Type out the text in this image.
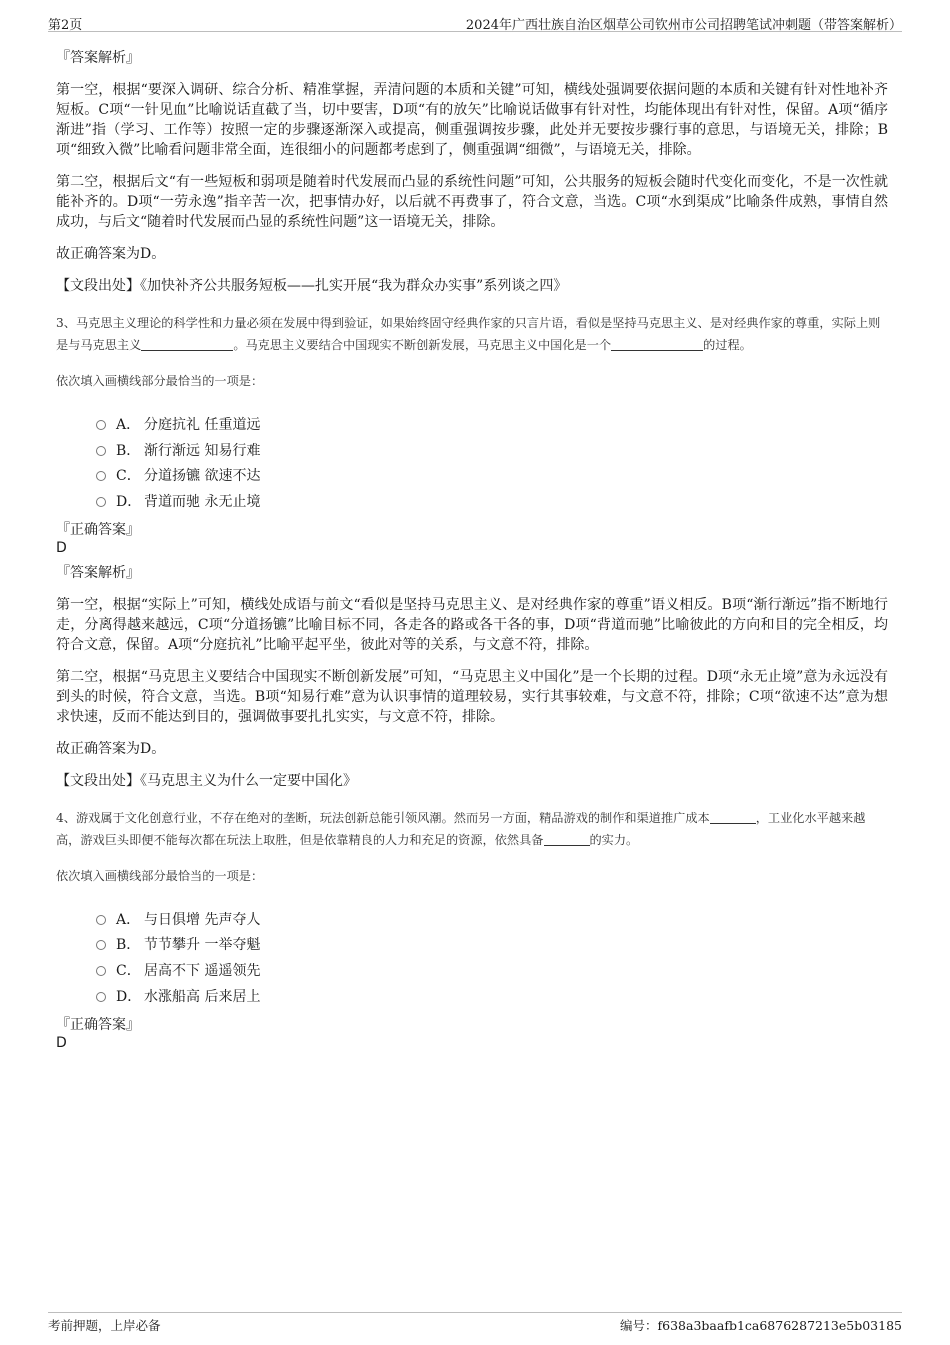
第2页	2024年广西壮族自治区烟草公司钦州市公司招聘笔试冲刺题（带答案解析）
『答案解析』

第一空，根据“要深入调研、综合分析、精准掌握，弄清问题的本质和关键”可知，横线处强调要依据问题的本质和关键有针对性地补齐短板。C项“一针见血”比喻说话直截了当，切中要害，D项“有的放矢”比喻说话做事有针对性，均能体现出有针对性，保留。A项“循序渐进”指（学习、工作等）按照一定的步骤逐渐深入或提高，侧重强调按步骤，此处并无要按步骤行事的意思，与语境无关，排除；B项“细致入微”比喻看问题非常全面，连很细小的问题都考虑到了，侧重强调“细微”，与语境无关，排除。

第二空，根据后文“有一些短板和弱项是随着时代发展而凸显的系统性问题”可知，公共服务的短板会随时代变化而变化，不是一次性就能补齐的。D项“一劳永逸”指辛苦一次，把事情办好，以后就不再费事了，符合文意，当选。C项“水到渠成”比喻条件成熟，事情自然成功，与后文“随着时代发展而凸显的系统性问题”这一语境无关，排除。

故正确答案为D。

【文段出处】《加快补齐公共服务短板——扎实开展“我为群众办实事”系列谈之四》

3、马克思主义理论的科学性和力量必须在发展中得到验证，如果始终固守经典作家的只言片语，看似是坚持马克思主义、是对经典作家的尊重，实际上则是与马克思主义	。马克思主义要结合中国现实不断创新发展，马克思主义中国化是一个	的过程。
依次填入画横线部分最恰当的一项是：
A． 分庭抗礼 任重道远
B． 渐行渐远 知易行难
C． 分道扬镳 欲速不达
D． 背道而驰 永无止境
『正确答案』
D
『答案解析』

第一空，根据“实际上”可知，横线处成语与前文“看似是坚持马克思主义、是对经典作家的尊重”语义相反。B项“渐行渐远”指不断地行走，分离得越来越远，C项“分道扬镳”比喻目标不同，各走各的路或各干各的事，D项“背道而驰”比喻彼此的方向和目的完全相反，均符合文意，保留。A项“分庭抗礼”比喻平起平坐，彼此对等的关系，与文意不符，排除。

第二空，根据“马克思主义要结合中国现实不断创新发展”可知，“马克思主义中国化”是一个长期的过程。D项“永无止境”意为永远没有到头的时候，符合文意，当选。B项“知易行难”意为认识事情的道理较易，实行其事较难，与文意不符，排除；C项“欲速不达”意为想求快速，反而不能达到目的，强调做事要扎扎实实，与文意不符，排除。

故正确答案为D。

【文段出处】《马克思主义为什么一定要中国化》

4、游戏属于文化创意行业，不存在绝对的垄断，玩法创新总能引领风潮。然而另一方面，精品游戏的制作和渠道推广成本	，工业化水平越来越高，游戏巨头即便不能每次都在玩法上取胜，但是依靠精良的人力和充足的资源，依然具备	的实力。
依次填入画横线部分最恰当的一项是：
A． 与日俱增 先声夺人
B． 节节攀升 一举夺魁
C． 居高不下 遥遥领先
D． 水涨船高 后来居上
『正确答案』
D
考前押题，上岸必备	编号：f638a3baafb1ca6876287213e5b03185
